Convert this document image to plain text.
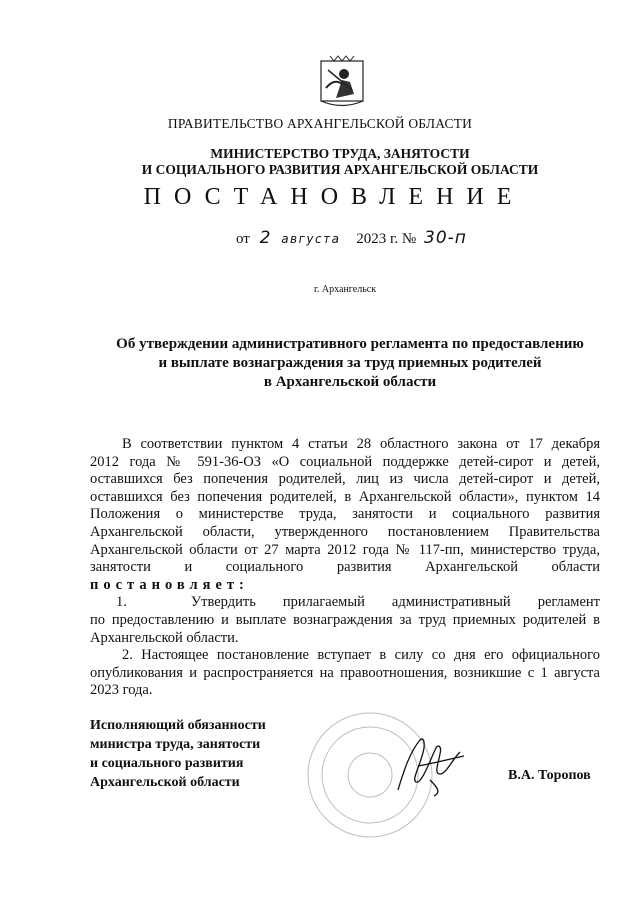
ПРАВИТЕЛЬСТВО АРХАНГЕЛЬСКОЙ ОБЛАСТИ
МИНИСТЕРСТВО ТРУДА, ЗАНЯТОСТИ
И СОЦИАЛЬНОГО РАЗВИТИЯ АРХАНГЕЛЬСКОЙ ОБЛАСТИ
ПОСТАНОВЛЕНИЕ
от 2 августа 2023 г. № 30-п
г. Архангельск
Об утверждении административного регламента по предоставлению
и выплате вознаграждения за труд приемных родителей
в Архангельской области

В соответствии пунктом 4 статьи 28 областного закона от 17 декабря

2012 года № 591-36-ОЗ «О социальной поддержке детей-сирот и детей,

оставшихся без попечения родителей, лиц из числа детей-сирот и детей,

оставшихся без попечения родителей, в Архангельской области», пунктом 14

Положения о министерстве труда, занятости и социального развития

Архангельской области, утвержденного постановлением Правительства

Архангельской области от 27 марта 2012 года № 117-пп, министерство труда,

занятости и социального развития Архангельской области

постановляет:

1.	Утвердить прилагаемый административный регламент

по предоставлению и выплате вознаграждения за труд приемных родителей в Архангельской области.

2. Настоящее постановление вступает в силу со дня его официального опубликования и распространяется на правоотношения, возникшие с 1 августа 2023 года.

Исполняющий обязанности
министра труда, занятости
и социального развития
Архангельской области	В.А. Торопов
